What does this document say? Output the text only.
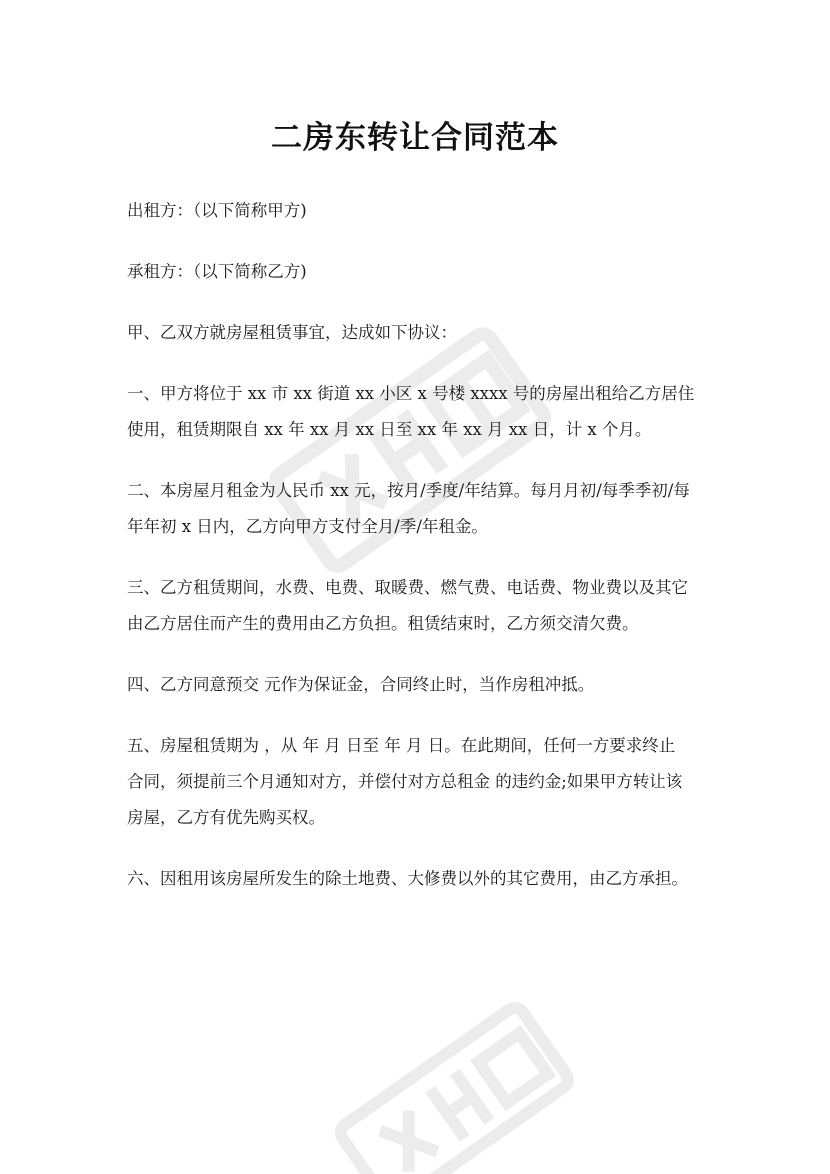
二房东转让合同范本

出租方：（以下简称甲方)

承租方：（以下简称乙方)

甲、乙双方就房屋租赁事宜，达成如下协议：

一、甲方将位于 xx 市 xx 街道 xx 小区 x 号楼 xxxx 号的房屋出租给乙方居住
使用，租赁期限自 xx 年 xx 月 xx 日至 xx 年 xx 月 xx 日，计 x 个月。

二、本房屋月租金为人民币 xx 元，按月/季度/年结算。每月月初/每季季初/每
年年初 x 日内，乙方向甲方支付全月/季/年租金。

三、乙方租赁期间，水费、电费、取暖费、燃气费、电话费、物业费以及其它
由乙方居住而产生的费用由乙方负担。租赁结束时，乙方须交清欠费。

四、乙方同意预交 元作为保证金，合同终止时，当作房租冲抵。

五、房屋租赁期为 ，从 年 月 日至 年 月 日。在此期间，任何一方要求终止
合同，须提前三个月通知对方，并偿付对方总租金 的违约金;如果甲方转让该
房屋，乙方有优先购买权。

六、因租用该房屋所发生的除土地费、大修费以外的其它费用，由乙方承担。
